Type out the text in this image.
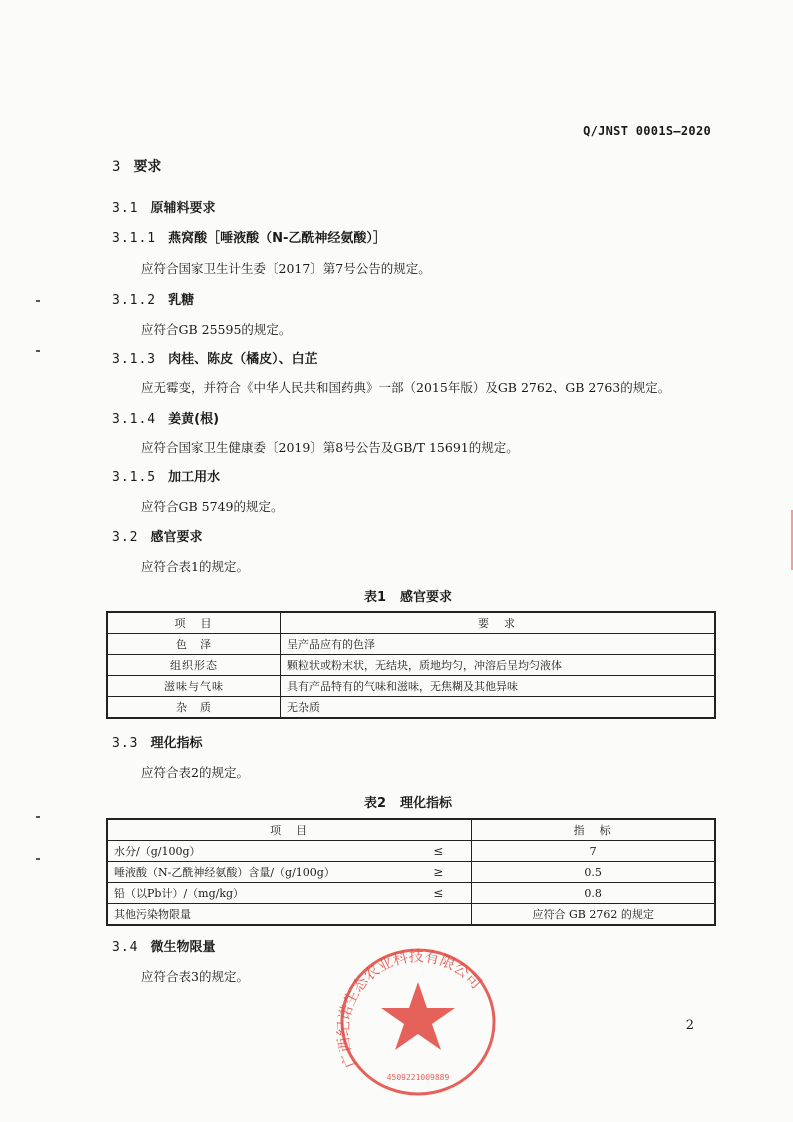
Q/JNST 0001S—2020
3 要求
3.1 原辅料要求
3.1.1 燕窝酸［唾液酸（N-乙酰神经氨酸）］
应符合国家卫生计生委〔2017〕第7号公告的规定。
3.1.2 乳糖
应符合GB 25595的规定。
3.1.3 肉桂、陈皮（橘皮）、白芷
应无霉变，并符合《中华人民共和国药典》一部（2015年版）及GB 2762、GB 2763的规定。
3.1.4 姜黄(根)
应符合国家卫生健康委〔2019〕第8号公告及GB/T 15691的规定。
3.1.5 加工用水
应符合GB 5749的规定。
3.2 感官要求
应符合表1的规定。
表1 感官要求
项　目	要　求
色　泽	呈产品应有的色泽
组织形态	颗粒状或粉末状，无结块，质地均匀，冲溶后呈均匀液体
滋味与气味	具有产品特有的气味和滋味，无焦糊及其他异味
杂　质	无杂质
3.3 理化指标
应符合表2的规定。
表2 理化指标
项　目		指　标
水分/（g/100g）	≤	7
唾液酸（N-乙酰神经氨酸）含量/（g/100g）	≥	0.5
铅（以Pb计）/（mg/kg）	≤	0.8
其他污染物限量		应符合 GB 2762 的规定
3.4 微生物限量
应符合表3的规定。
广西纪诺生态农业科技有限公司
4509221009889
2
